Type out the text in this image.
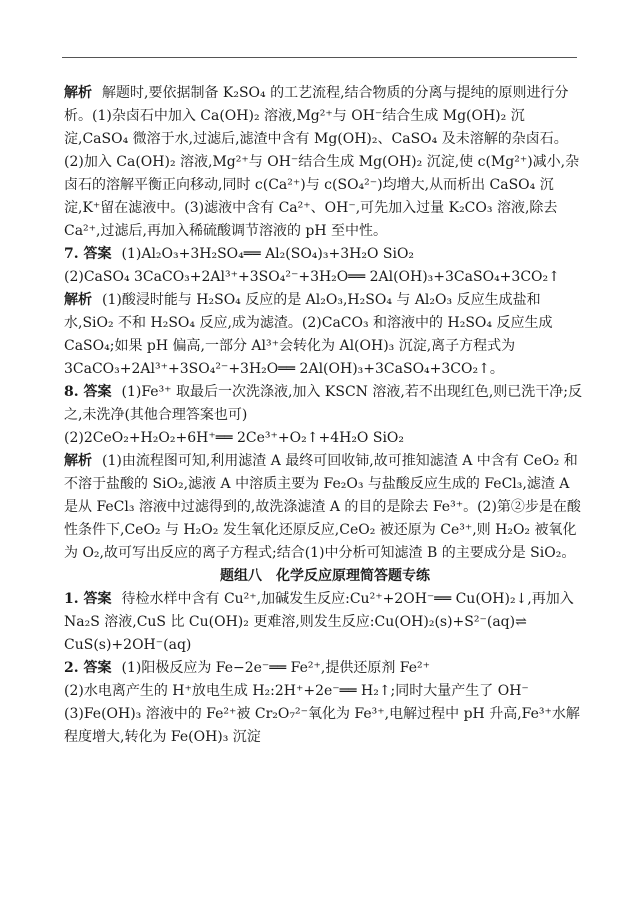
解析 解题时,要依据制备 K₂SO₄ 的工艺流程,结合物质的分离与提纯的原则进行分析。(1)杂卤石中加入 Ca(OH)₂ 溶液,Mg²⁺与 OH⁻结合生成 Mg(OH)₂ 沉淀,CaSO₄ 微溶于水,过滤后,滤渣中含有 Mg(OH)₂、CaSO₄ 及未溶解的杂卤石。(2)加入 Ca(OH)₂ 溶液,Mg²⁺与 OH⁻结合生成 Mg(OH)₂ 沉淀,使 c(Mg²⁺)减小,杂卤石的溶解平衡正向移动,同时 c(Ca²⁺)与 c(SO₄²⁻)均增大,从而析出 CaSO₄ 沉淀,K⁺留在滤液中。(3)滤液中含有 Ca²⁺、OH⁻,可先加入过量 K₂CO₃ 溶液,除去 Ca²⁺,过滤后,再加入稀硫酸调节溶液的 pH 至中性。

7. 答案 (1)Al₂O₃+3H₂SO₄══ Al₂(SO₄)₃+3H₂O SiO₂

(2)CaSO₄ 3CaCO₃+2Al³⁺+3SO₄²⁻+3H₂O══ 2Al(OH)₃+3CaSO₄+3CO₂↑

解析 (1)酸浸时能与 H₂SO₄ 反应的是 Al₂O₃,H₂SO₄ 与 Al₂O₃ 反应生成盐和水,SiO₂ 不和 H₂SO₄ 反应,成为滤渣。(2)CaCO₃ 和溶液中的 H₂SO₄ 反应生成 CaSO₄;如果 pH 偏高,一部分 Al³⁺会转化为 Al(OH)₃ 沉淀,离子方程式为 3CaCO₃+2Al³⁺+3SO₄²⁻+3H₂O══ 2Al(OH)₃+3CaSO₄+3CO₂↑。

8. 答案 (1)Fe³⁺ 取最后一次洗涤液,加入 KSCN 溶液,若不出现红色,则已洗干净;反之,未洗净(其他合理答案也可)

(2)2CeO₂+H₂O₂+6H⁺══ 2Ce³⁺+O₂↑+4H₂O SiO₂

解析 (1)由流程图可知,利用滤渣 A 最终可回收铈,故可推知滤渣 A 中含有 CeO₂ 和不溶于盐酸的 SiO₂,滤液 A 中溶质主要为 Fe₂O₃ 与盐酸反应生成的 FeCl₃,滤渣 A 是从 FeCl₃ 溶液中过滤得到的,故洗涤滤渣 A 的目的是除去 Fe³⁺。(2)第②步是在酸性条件下,CeO₂ 与 H₂O₂ 发生氧化还原反应,CeO₂ 被还原为 Ce³⁺,则 H₂O₂ 被氧化为 O₂,故可写出反应的离子方程式;结合(1)中分析可知滤渣 B 的主要成分是 SiO₂。

题组八　化学反应原理简答题专练

1. 答案 待检水样中含有 Cu²⁺,加碱发生反应:Cu²⁺+2OH⁻══ Cu(OH)₂↓,再加入 Na₂S 溶液,CuS 比 Cu(OH)₂ 更难溶,则发生反应:Cu(OH)₂(s)+S²⁻(aq)⇌ CuS(s)+2OH⁻(aq)

2. 答案 (1)阳极反应为 Fe−2e⁻══ Fe²⁺,提供还原剂 Fe²⁺

(2)水电离产生的 H⁺放电生成 H₂:2H⁺+2e⁻══ H₂↑;同时大量产生了 OH⁻

(3)Fe(OH)₃ 溶液中的 Fe²⁺被 Cr₂O₇²⁻氧化为 Fe³⁺,电解过程中 pH 升高,Fe³⁺水解程度增大,转化为 Fe(OH)₃ 沉淀
